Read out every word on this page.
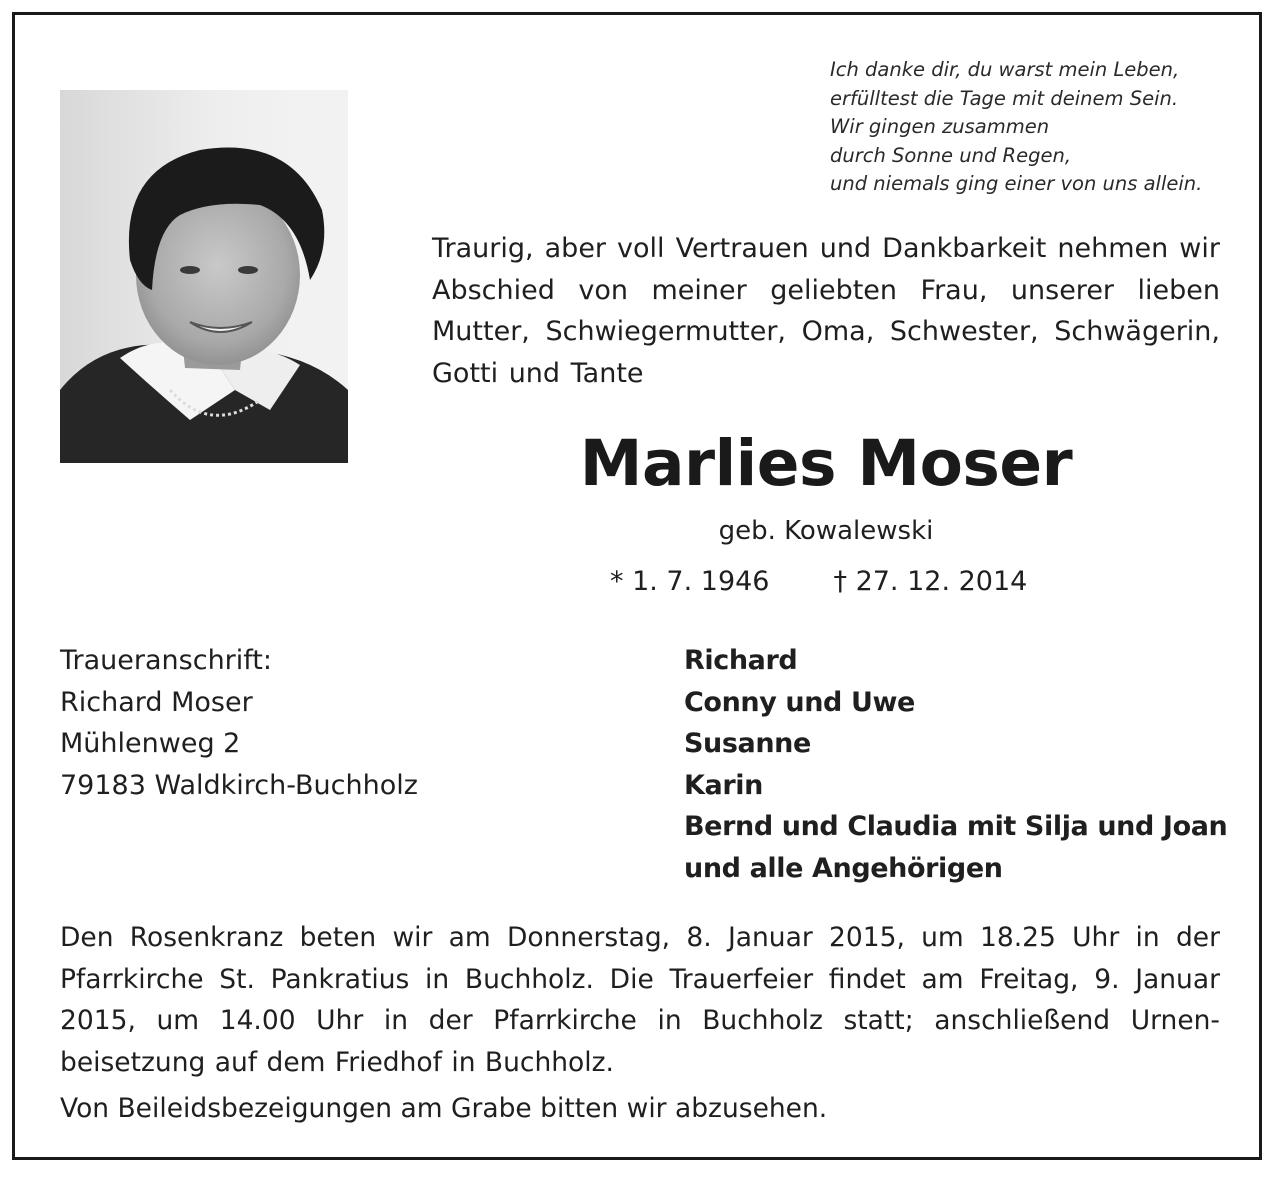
Ich danke dir, du warst mein Leben,
erfülltest die Tage mit deinem Sein.
Wir gingen zusammen
durch Sonne und Regen,
und niemals ging einer von uns allein.
Traurig, aber voll Vertrauen und Dankbarkeit nehmen wir Abschied von meiner geliebten Frau, unserer lieben Mutter, Schwiegermutter, Oma, Schwester, Schwägerin, Gotti und Tante
Marlies Moser
geb. Kowalewski
* 1. 7. 1946 † 27. 12. 2014
Traueranschrift:
Richard Moser
Mühlenweg 2
79183 Waldkirch-Buchholz
Richard
Conny und Uwe
Susanne
Karin
Bernd und Claudia mit Silja und Joan
und alle Angehörigen
Den Rosenkranz beten wir am Donnerstag, 8. Januar 2015, um 18.25 Uhr in der Pfarrkirche St. Pankratius in Buchholz. Die Trauerfeier findet am Freitag, 9. Januar 2015, um 14.00 Uhr in der Pfarrkirche in Buchholz statt; anschließend Urnen-beisetzung auf dem Friedhof in Buchholz.
Von Beileidsbezeigungen am Grabe bitten wir abzusehen.
